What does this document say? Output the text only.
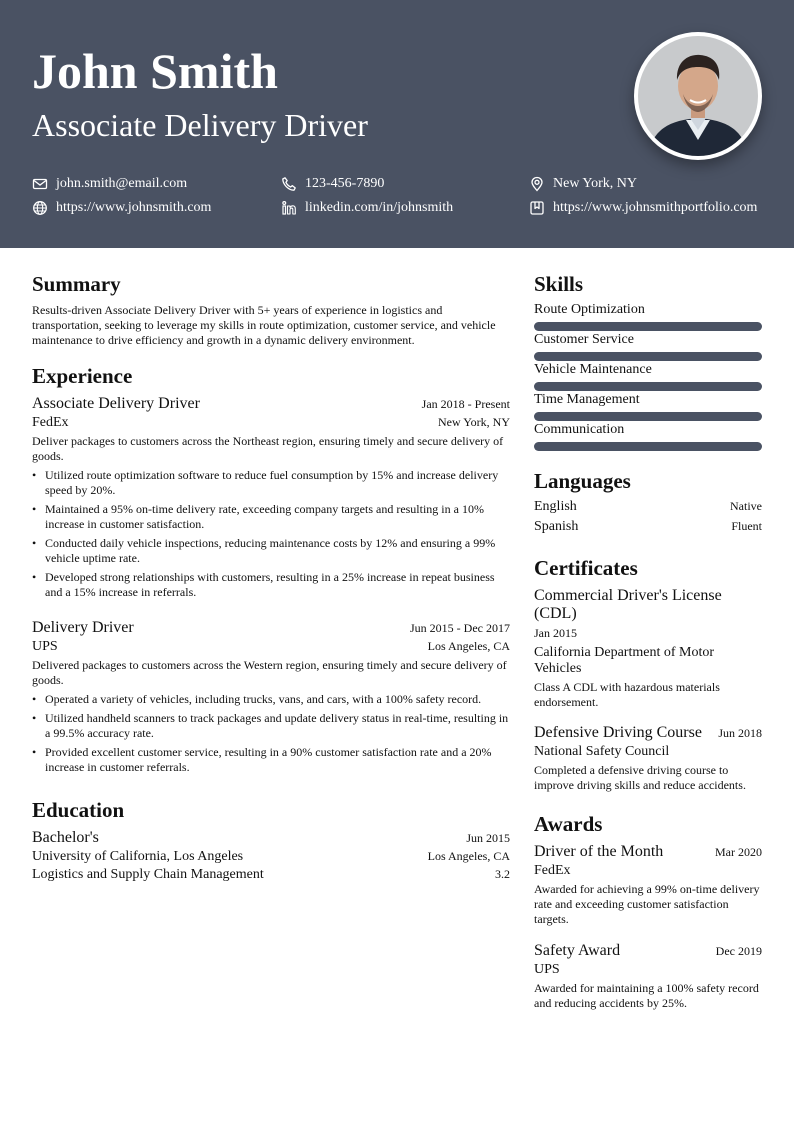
John Smith
Associate Delivery Driver
john.smith@email.com	123-456-7890	New York, NY
https://www.johnsmith.com	linkedin.com/in/johnsmith	https://www.johnsmithportfolio.com
Summary
Results-driven Associate Delivery Driver with 5+ years of experience in logistics and transportation, seeking to leverage my skills in route optimization, customer service, and vehicle maintenance to drive efficiency and growth in a dynamic delivery environment.
Experience
Associate Delivery Driver	Jan 2018 - Present
FedEx	New York, NY
Deliver packages to customers across the Northeast region, ensuring timely and secure delivery of goods.
• Utilized route optimization software to reduce fuel consumption by 15% and increase delivery speed by 20%.
• Maintained a 95% on-time delivery rate, exceeding company targets and resulting in a 10% increase in customer satisfaction.
• Conducted daily vehicle inspections, reducing maintenance costs by 12% and ensuring a 99% vehicle uptime rate.
• Developed strong relationships with customers, resulting in a 25% increase in repeat business and a 15% increase in referrals.
Delivery Driver	Jun 2015 - Dec 2017
UPS	Los Angeles, CA
Delivered packages to customers across the Western region, ensuring timely and secure delivery of goods.
• Operated a variety of vehicles, including trucks, vans, and cars, with a 100% safety record.
• Utilized handheld scanners to track packages and update delivery status in real-time, resulting in a 99.5% accuracy rate.
• Provided excellent customer service, resulting in a 90% customer satisfaction rate and a 20% increase in customer referrals.
Education
Bachelor's	Jun 2015
University of California, Los Angeles	Los Angeles, CA
Logistics and Supply Chain Management	3.2
Skills
Route Optimization
Customer Service
Vehicle Maintenance
Time Management
Communication
Languages
English	Native
Spanish	Fluent
Certificates
Commercial Driver's License (CDL)
Jan 2015
California Department of Motor Vehicles
Class A CDL with hazardous materials endorsement.
Defensive Driving Course Jun 2018
National Safety Council
Completed a defensive driving course to improve driving skills and reduce accidents.
Awards
Driver of the Month	Mar 2020
FedEx
Awarded for achieving a 99% on-time delivery rate and exceeding customer satisfaction targets.
Safety Award	Dec 2019
UPS
Awarded for maintaining a 100% safety record and reducing accidents by 25%.
